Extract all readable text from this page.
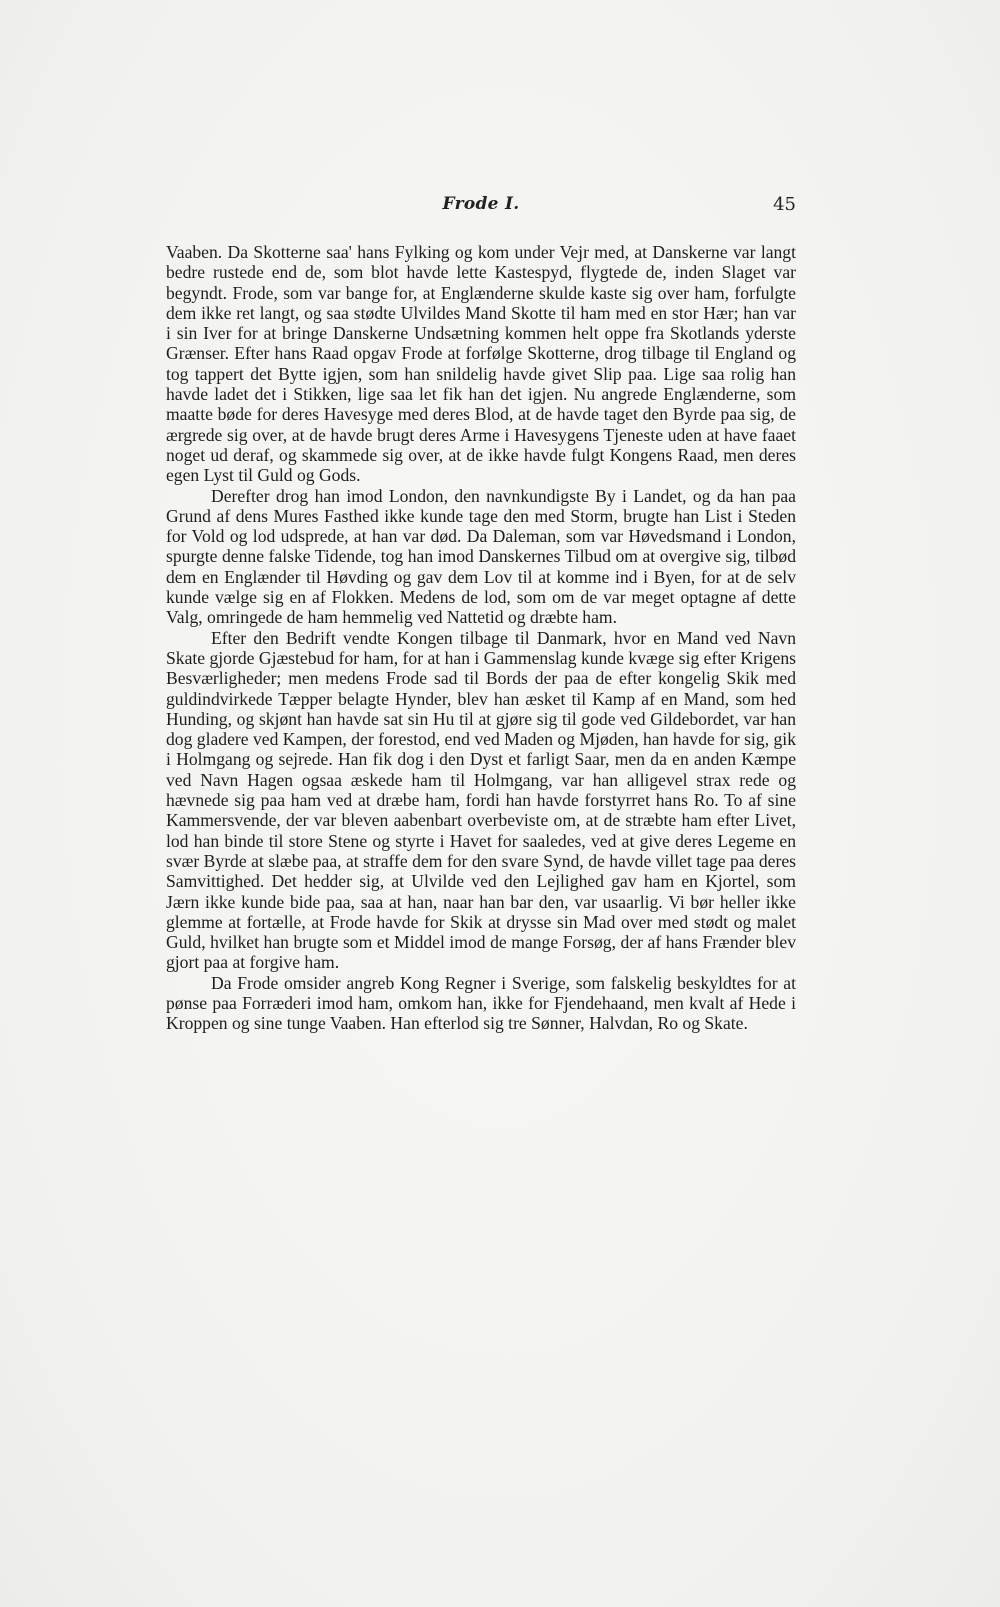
Frode I.	45

Vaaben. Da Skotterne saa' hans Fylking og kom under Vejr med, at Danskerne var langt bedre rustede end de, som blot havde lette Kastespyd, flygtede de, inden Slaget var begyndt. Frode, som var bange for, at Englænderne skulde kaste sig over ham, forfulgte dem ikke ret langt, og saa stødte Ulvildes Mand Skotte til ham med en stor Hær; han var i sin Iver for at bringe Danskerne Undsætning kommen helt oppe fra Skotlands yderste Grænser. Efter hans Raad opgav Frode at forfølge Skotterne, drog tilbage til England og tog tappert det Bytte igjen, som han snildelig havde givet Slip paa. Lige saa rolig han havde ladet det i Stikken, lige saa let fik han det igjen. Nu angrede Englænderne, som maatte bøde for deres Havesyge med deres Blod, at de havde taget den Byrde paa sig, de ærgrede sig over, at de havde brugt deres Arme i Havesygens Tjeneste uden at have faaet noget ud deraf, og skammede sig over, at de ikke havde fulgt Kongens Raad, men deres egen Lyst til Guld og Gods.

Derefter drog han imod London, den navnkundigste By i Landet, og da han paa Grund af dens Mures Fasthed ikke kunde tage den med Storm, brugte han List i Steden for Vold og lod udsprede, at han var død. Da Daleman, som var Høvedsmand i London, spurgte denne falske Tidende, tog han imod Danskernes Tilbud om at overgive sig, tilbød dem en Englænder til Høvding og gav dem Lov til at komme ind i Byen, for at de selv kunde vælge sig en af Flokken. Medens de lod, som om de var meget optagne af dette Valg, omringede de ham hemmelig ved Nattetid og dræbte ham.

Efter den Bedrift vendte Kongen tilbage til Danmark, hvor en Mand ved Navn Skate gjorde Gjæstebud for ham, for at han i Gammenslag kunde kvæge sig efter Krigens Besværligheder; men medens Frode sad til Bords der paa de efter kongelig Skik med guldindvirkede Tæpper belagte Hynder, blev han æsket til Kamp af en Mand, som hed Hunding, og skjønt han havde sat sin Hu til at gjøre sig til gode ved Gildebordet, var han dog gladere ved Kampen, der forestod, end ved Maden og Mjøden, han havde for sig, gik i Holmgang og sejrede. Han fik dog i den Dyst et farligt Saar, men da en anden Kæmpe ved Navn Hagen ogsaa æskede ham til Holmgang, var han alligevel strax rede og hævnede sig paa ham ved at dræbe ham, fordi han havde forstyrret hans Ro. To af sine Kammersvende, der var bleven aabenbart overbeviste om, at de stræbte ham efter Livet, lod han binde til store Stene og styrte i Havet for saaledes, ved at give deres Legeme en svær Byrde at slæbe paa, at straffe dem for den svare Synd, de havde villet tage paa deres Samvittighed. Det hedder sig, at Ulvilde ved den Lejlighed gav ham en Kjortel, som Jærn ikke kunde bide paa, saa at han, naar han bar den, var usaarlig. Vi bør heller ikke glemme at fortælle, at Frode havde for Skik at drysse sin Mad over med stødt og malet Guld, hvilket han brugte som et Middel imod de mange Forsøg, der af hans Frænder blev gjort paa at forgive ham.

Da Frode omsider angreb Kong Regner i Sverige, som falskelig beskyldtes for at pønse paa Forræderi imod ham, omkom han, ikke for Fjendehaand, men kvalt af Hede i Kroppen og sine tunge Vaaben. Han efterlod sig tre Sønner, Halvdan, Ro og Skate.
